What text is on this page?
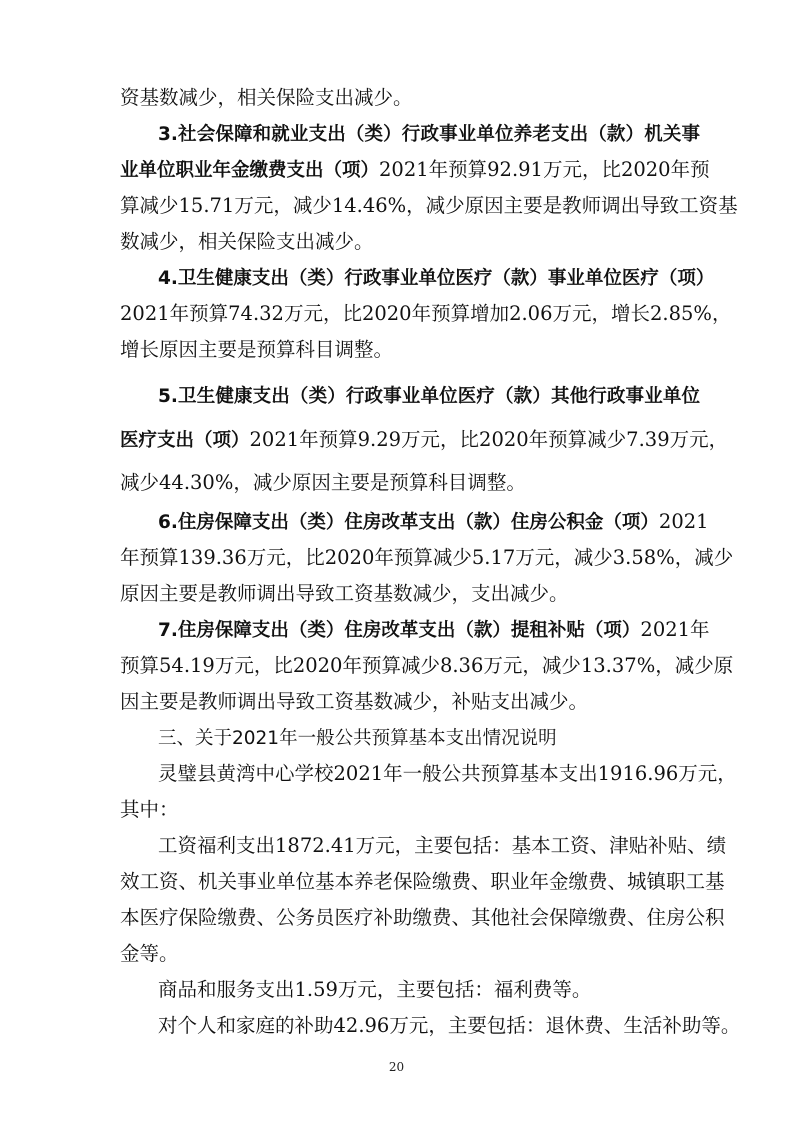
资基数减少，相关保险支出减少。
3.社会保障和就业支出（类）行政事业单位养老支出（款）机关事
业单位职业年金缴费支出（项）2021年预算92.91万元，比2020年预
算减少15.71万元，减少14.46%，减少原因主要是教师调出导致工资基
数减少，相关保险支出减少。
4.卫生健康支出（类）行政事业单位医疗（款）事业单位医疗（项）
2021年预算74.32万元，比2020年预算增加2.06万元，增长2.85%，
增长原因主要是预算科目调整。
5.卫生健康支出（类）行政事业单位医疗（款）其他行政事业单位
医疗支出（项）2021年预算9.29万元，比2020年预算减少7.39万元，
减少44.30%，减少原因主要是预算科目调整。
6.住房保障支出（类）住房改革支出（款）住房公积金（项）2021
年预算139.36万元，比2020年预算减少5.17万元，减少3.58%，减少
原因主要是教师调出导致工资基数减少，支出减少。
7.住房保障支出（类）住房改革支出（款）提租补贴（项）2021年
预算54.19万元，比2020年预算减少8.36万元，减少13.37%，减少原
因主要是教师调出导致工资基数减少，补贴支出减少。
三、关于2021年一般公共预算基本支出情况说明
灵璧县黄湾中心学校2021年一般公共预算基本支出1916.96万元，
其中：
工资福利支出1872.41万元，主要包括：基本工资、津贴补贴、绩
效工资、机关事业单位基本养老保险缴费、职业年金缴费、城镇职工基
本医疗保险缴费、公务员医疗补助缴费、其他社会保障缴费、住房公积
金等。
商品和服务支出1.59万元，主要包括：福利费等。
对个人和家庭的补助42.96万元，主要包括：退休费、生活补助等。
20
